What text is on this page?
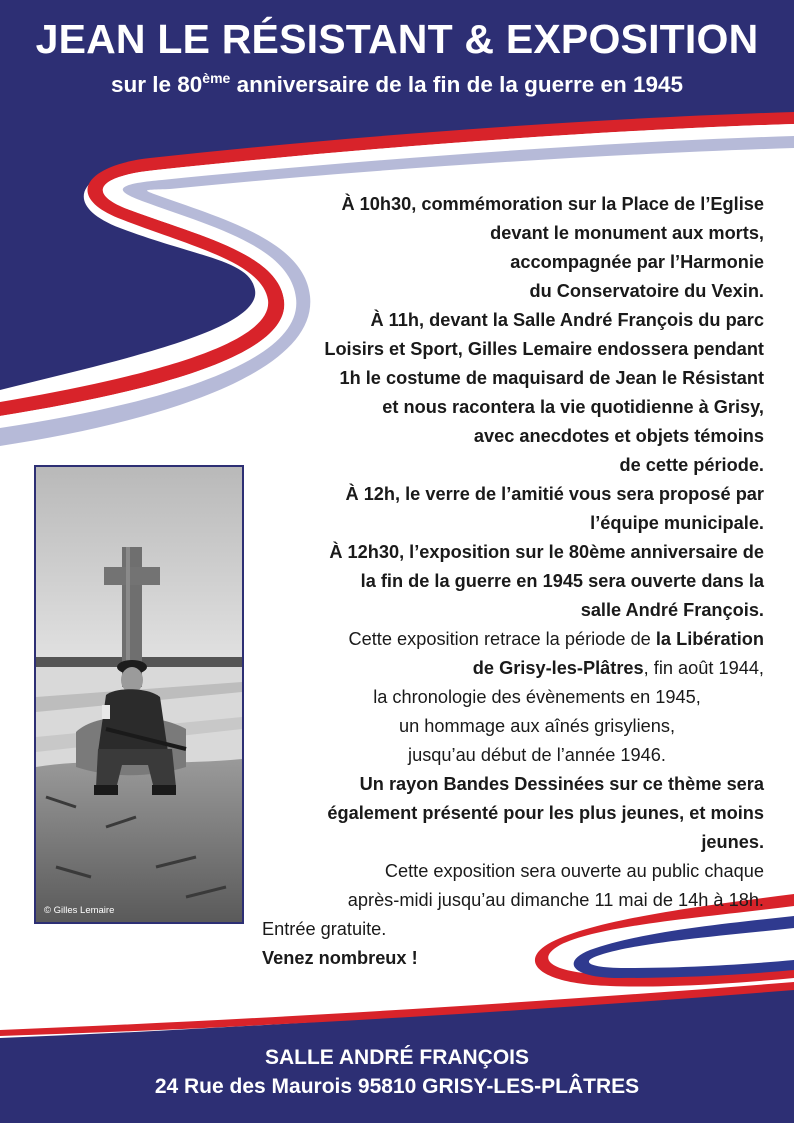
JEAN LE RÉSISTANT & EXPOSITION
sur le 80ème anniversaire de la fin de la guerre en 1945

À 10h30, commémoration sur la Place de l’Eglise

devant le monument aux morts,

accompagnée par l’Harmonie

du Conservatoire du Vexin.

À 11h, devant la Salle André François du parc

Loisirs et Sport, Gilles Lemaire endossera pendant

1h le costume de maquisard de Jean le Résistant

et nous racontera la vie quotidienne à Grisy,

avec anecdotes et objets témoins

de cette période.

À 12h, le verre de l’amitié vous sera proposé par

l’équipe municipale.

À 12h30, l’exposition sur le 80ème anniversaire de

la fin de la guerre en 1945 sera ouverte dans la

salle André François.

Cette exposition retrace la période de la Libération

de Grisy-les-Plâtres, fin août 1944,

la chronologie des évènements en 1945,

un hommage aux aînés grisyliens,

jusqu’au début de l’année 1946.

Un rayon Bandes Dessinées sur ce thème sera

également présenté pour les plus jeunes, et moins

jeunes.

Cette exposition sera ouverte au public chaque

après-midi jusqu’au dimanche 11 mai de 14h à 18h.

Entrée gratuite.

Venez nombreux !

© Gilles Lemaire
SALLE ANDRÉ FRANÇOIS
24 Rue des Maurois 95810 GRISY-LES-PLÂTRES
